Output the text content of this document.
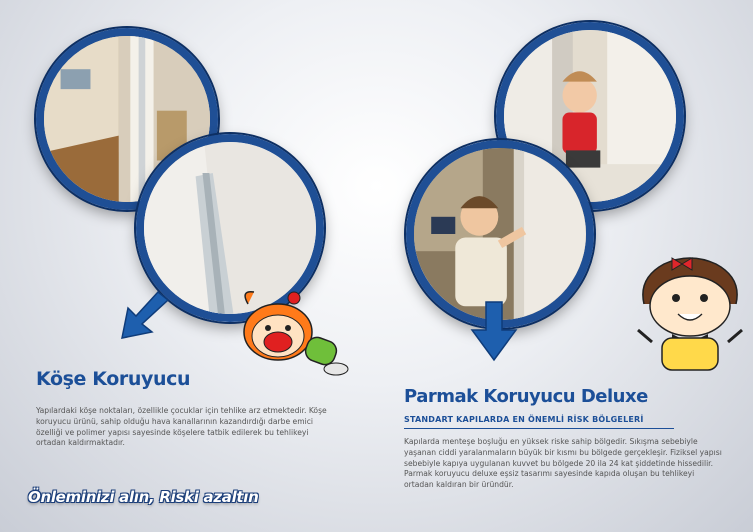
Köşe Koruyucu
Yapılardaki köşe noktaları, özellikle çocuklar için tehlike arz etmektedir. Köşe koruyucu ürünü, sahip olduğu hava kanallarının kazandırdığı darbe emici özelliği ve polimer yapısı sayesinde köşelere tatbik edilerek bu tehlikeyi ortadan kaldırmaktadır.
Önleminizi alın, Riski azaltın
Parmak Koruyucu Deluxe
STANDART KAPILARDA EN ÖNEMLİ RİSK BÖLGELERİ
Kapılarda menteşe boşluğu en yüksek riske sahip bölgedir. Sıkışma sebebiyle yaşanan ciddi yaralanmaların büyük bir kısmı bu bölgede gerçekleşir. Fiziksel yapısı sebebiyle kapıya uygulanan kuvvet bu bölgede 20 ila 24 kat şiddetinde hissedilir. Parmak koruyucu deluxe eşsiz tasarımı sayesinde kapıda oluşan bu tehlikeyi ortadan kaldıran bir üründür.
